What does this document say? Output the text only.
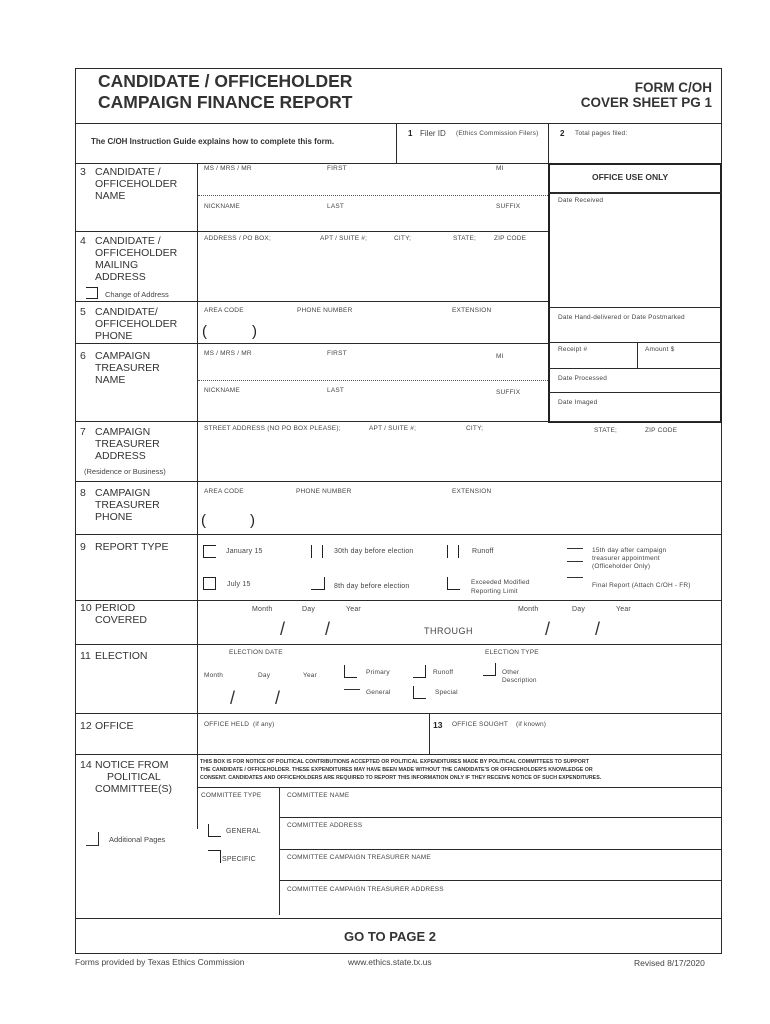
CANDIDATE / OFFICEHOLDER
CAMPAIGN FINANCE REPORT
FORM C/OH
COVER SHEET PG 1
The C/OH Instruction Guide explains how to complete this form.
1 Filer ID (Ethics Commission Filers)	2 Total pages filed:
OFFICE USE ONLY
Date Received
Date Hand-delivered or Date Postmarked
Receipt #	Amount $
Date Processed
Date Imaged
3 CANDIDATE /
OFFICEHOLDER
NAME
MS / MRS / MR	FIRST	MI
NICKNAME	LAST	SUFFIX
4 CANDIDATE /
OFFICEHOLDER
MAILING
ADDRESS
Change of Address
ADDRESS / PO BOX;	APT / SUITE #;	CITY;	STATE;	ZIP CODE
5 CANDIDATE/
OFFICEHOLDER
PHONE
AREA CODE	PHONE NUMBER	EXTENSION
(	)
6 CAMPAIGN
TREASURER
NAME
MS / MRS / MR	FIRST	MI
NICKNAME	LAST	SUFFIX
7 CAMPAIGN
TREASURER
ADDRESS
(Residence or Business)
STREET ADDRESS (NO PO BOX PLEASE);	APT / SUITE #;	CITY;	STATE;	ZIP CODE
8 CAMPAIGN
TREASURER
PHONE
AREA CODE	PHONE NUMBER	EXTENSION
(	)
9 REPORT TYPE	January 15	30th day before election	Runoff	15th day after campaign
treasurer appointment
(Officeholder Only)
July 15	8th day before election
Exceeded Modified
Reporting Limit
Final Report (Attach C/OH - FR)
10 PERIOD
COVERED
Month	Day	Year
/ /	THROUGH
Month	Day	Year
/ /
11 ELECTION	ELECTION DATE	ELECTION TYPE
Month	Day	Year
/ /
Primary	Runoff	Other
Description
General	Special
12 OFFICE	OFFICE HELD (if any)	13 OFFICE SOUGHT (if known)
14 NOTICE FROM
POLITICAL
COMMITTEE(S)
Additional Pages
THIS BOX IS FOR NOTICE OF POLITICAL CONTRIBUTIONS ACCEPTED OR POLITICAL EXPENDITURES MADE BY POLITICAL COMMITTEES TO SUPPORT
THE CANDIDATE / OFFICEHOLDER. THESE EXPENDITURES MAY HAVE BEEN MADE WITHOUT THE CANDIDATE'S OR OFFICEHOLDER'S KNOWLEDGE OR
CONSENT. CANDIDATES AND OFFICEHOLDERS ARE REQUIRED TO REPORT THIS INFORMATION ONLY IF THEY RECEIVE NOTICE OF SUCH EXPENDITURES.
COMMITTEE TYPE	COMMITTEE NAME
GENERAL
COMMITTEE ADDRESS
SPECIFIC	COMMITTEE CAMPAIGN TREASURER NAME
COMMITTEE CAMPAIGN TREASURER ADDRESS
GO TO PAGE 2
Forms provided by Texas Ethics Commission	www.ethics.state.tx.us	Revised 8/17/2020
